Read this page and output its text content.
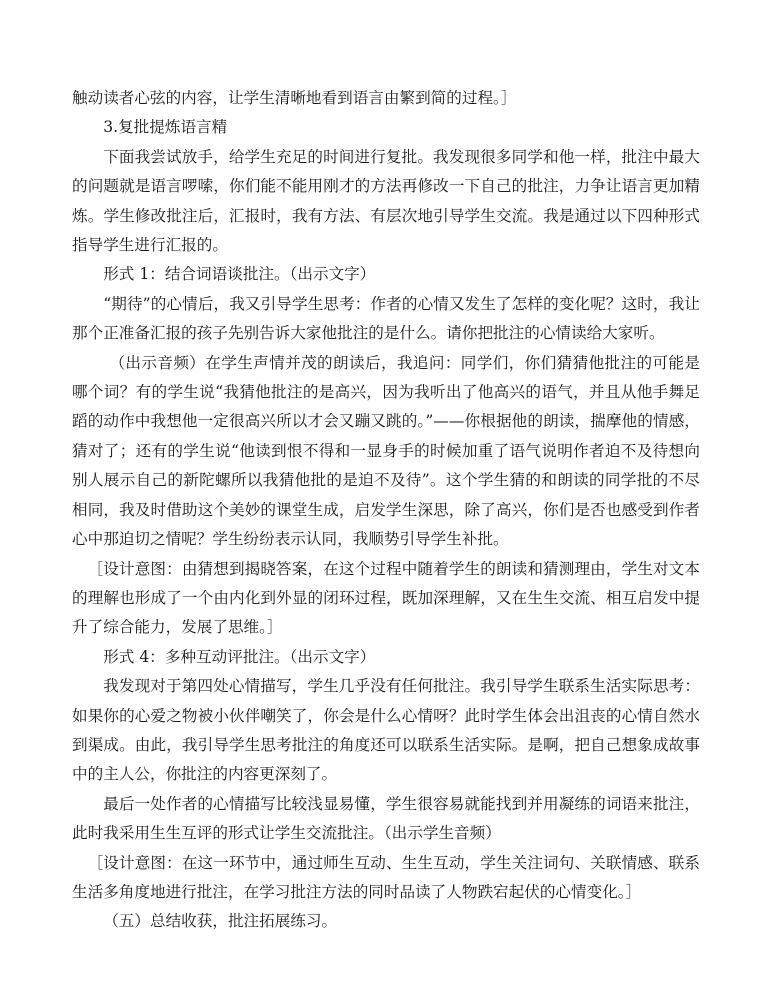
触动读者心弦的内容，让学生清晰地看到语言由繁到简的过程。］

3.复批提炼语言精

下面我尝试放手，给学生充足的时间进行复批。我发现很多同学和他一样，批注中最大的问题就是语言啰嗦，你们能不能用刚才的方法再修改一下自己的批注，力争让语言更加精炼。学生修改批注后，汇报时，我有方法、有层次地引导学生交流。我是通过以下四种形式指导学生进行汇报的。

形式 1：结合词语谈批注。（出示文字）

“期待”的心情后，我又引导学生思考：作者的心情又发生了怎样的变化呢？这时，我让那个正准备汇报的孩子先别告诉大家他批注的是什么。请你把批注的心情读给大家听。

（出示音频）在学生声情并茂的朗读后，我追问：同学们，你们猜猜他批注的可能是哪个词？有的学生说“我猜他批注的是高兴，因为我听出了他高兴的语气，并且从他手舞足蹈的动作中我想他一定很高兴所以才会又蹦又跳的。”——你根据他的朗读，揣摩他的情感，猜对了；还有的学生说“他读到恨不得和一显身手的时候加重了语气说明作者迫不及待想向别人展示自己的新陀螺所以我猜他批的是迫不及待”。这个学生猜的和朗读的同学批的不尽相同，我及时借助这个美妙的课堂生成，启发学生深思，除了高兴，你们是否也感受到作者心中那迫切之情呢？学生纷纷表示认同，我顺势引导学生补批。

［设计意图：由猜想到揭晓答案，在这个过程中随着学生的朗读和猜测理由，学生对文本的理解也形成了一个由内化到外显的闭环过程，既加深理解，又在生生交流、相互启发中提升了综合能力，发展了思维。］

形式 4：多种互动评批注。（出示文字）

我发现对于第四处心情描写，学生几乎没有任何批注。我引导学生联系生活实际思考：如果你的心爱之物被小伙伴嘲笑了，你会是什么心情呀？此时学生体会出沮丧的心情自然水到渠成。由此，我引导学生思考批注的角度还可以联系生活实际。是啊，把自己想象成故事中的主人公，你批注的内容更深刻了。

最后一处作者的心情描写比较浅显易懂，学生很容易就能找到并用凝练的词语来批注，此时我采用生生互评的形式让学生交流批注。（出示学生音频）

［设计意图：在这一环节中，通过师生互动、生生互动，学生关注词句、关联情感、联系生活多角度地进行批注，在学习批注方法的同时品读了人物跌宕起伏的心情变化。］

（五）总结收获，批注拓展练习。
